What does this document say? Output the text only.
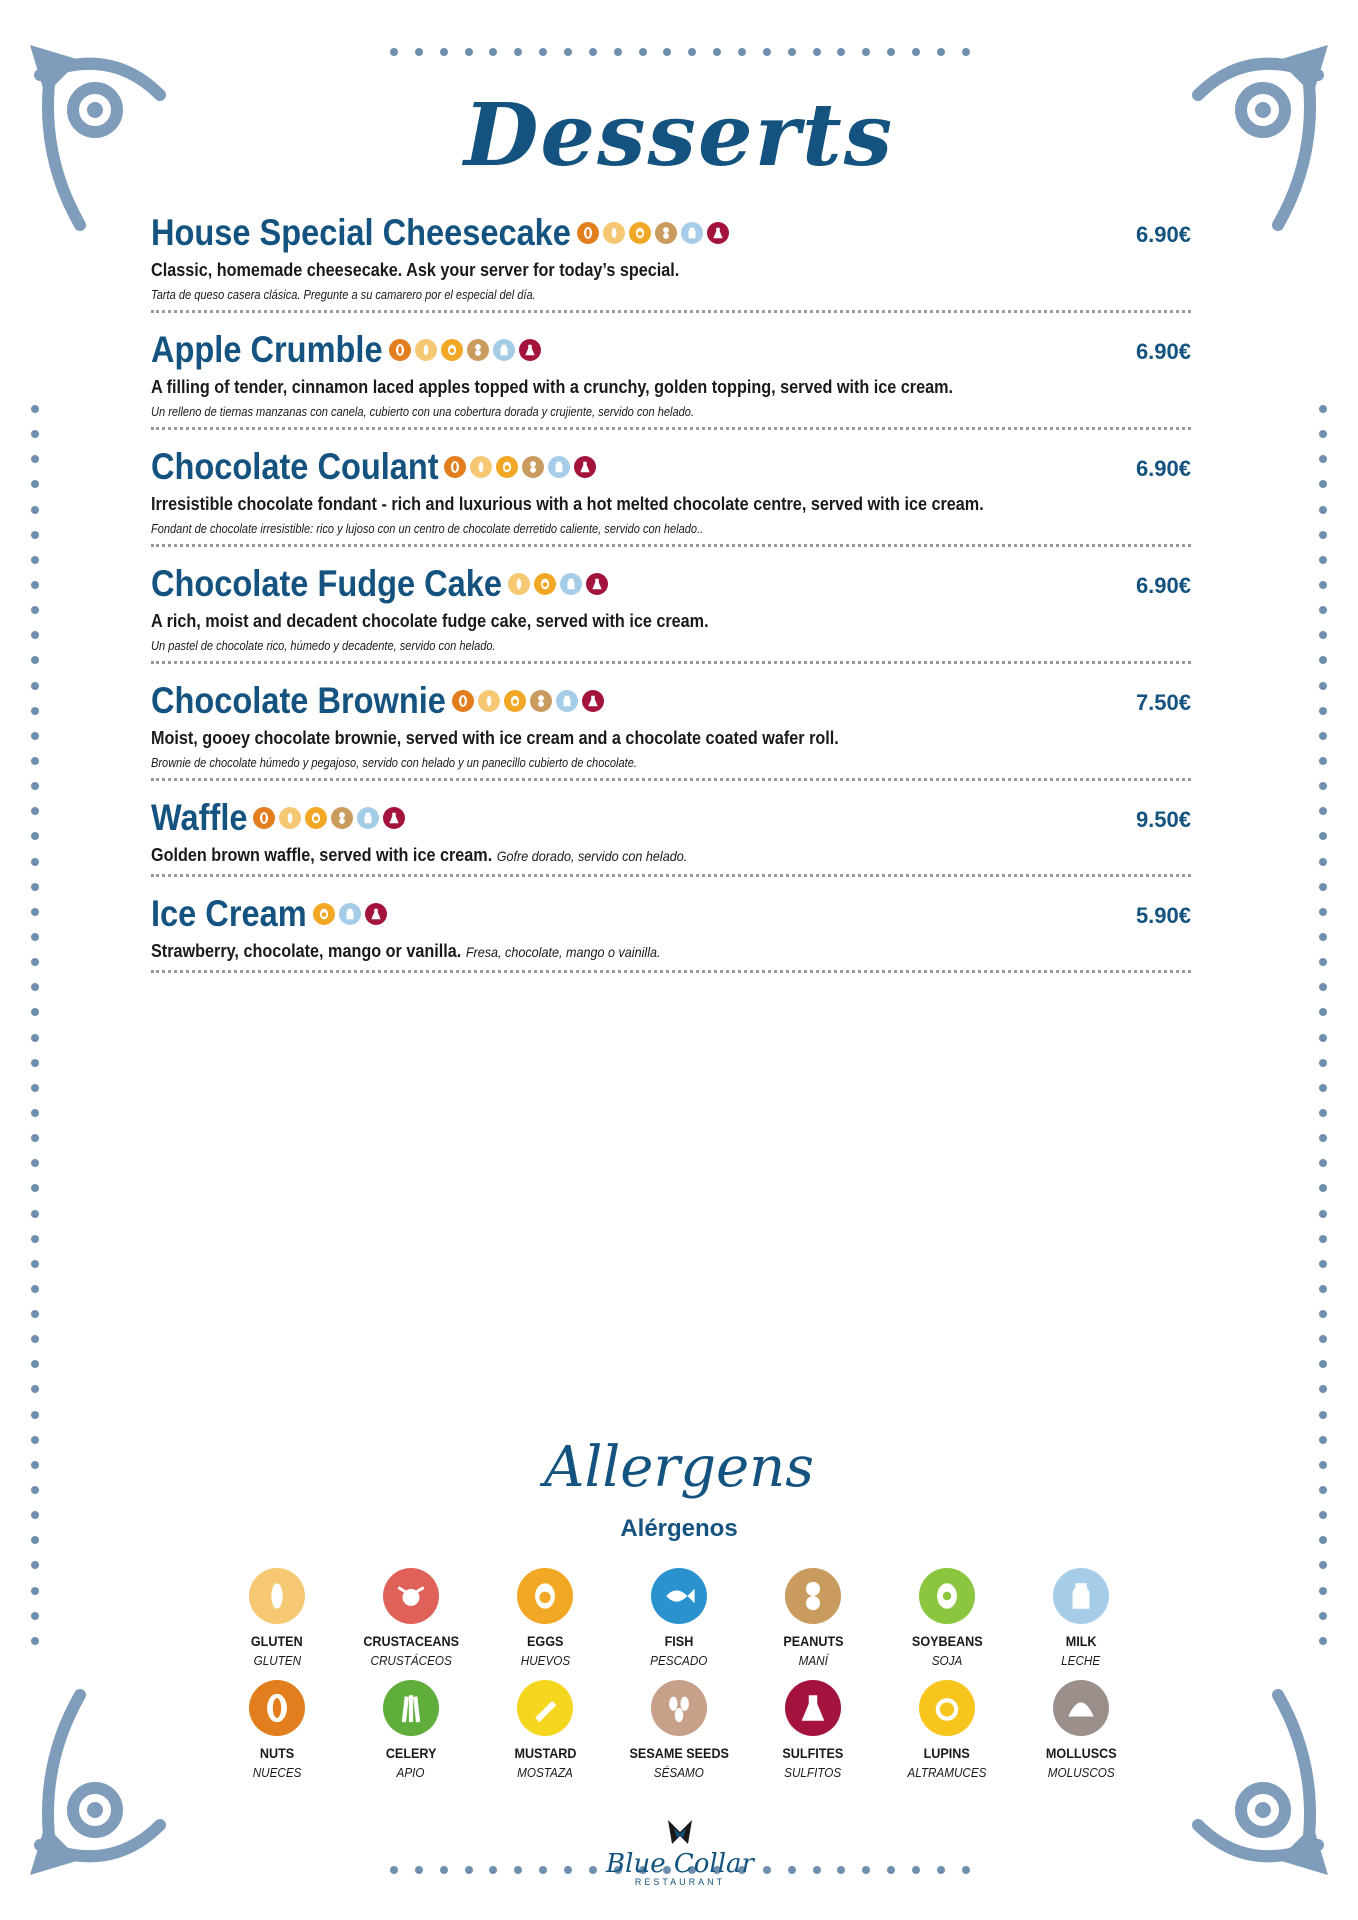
Desserts
House Special Cheesecake	6.90€
Classic, homemade cheesecake. Ask your server for today’s special.
Tarta de queso casera clásica. Pregunte a su camarero por el especial del día.
Apple Crumble	6.90€
A filling of tender, cinnamon laced apples topped with a crunchy, golden topping, served with ice cream.
Un relleno de tiernas manzanas con canela, cubierto con una cobertura dorada y crujiente, servido con helado.
Chocolate Coulant	6.90€
Irresistible chocolate fondant - rich and luxurious with a hot melted chocolate centre, served with ice cream.
Fondant de chocolate irresistible: rico y lujoso con un centro de chocolate derretido caliente, servido con helado..
Chocolate Fudge Cake	6.90€
A rich, moist and decadent chocolate fudge cake, served with ice cream.
Un pastel de chocolate rico, húmedo y decadente, servido con helado.
Chocolate Brownie	7.50€
Moist, gooey chocolate brownie, served with ice cream and a chocolate coated wafer roll.
Brownie de chocolate húmedo y pegajoso, servido con helado y un panecillo cubierto de chocolate.
Waffle	9.50€
Golden brown waffle, served with ice cream. Gofre dorado, servido con helado.
Ice Cream	5.90€
Strawberry, chocolate, mango or vanilla. Fresa, chocolate, mango o vainilla.
Allergens
Alérgenos
GLUTEN
GLUTEN
CRUSTACEANS
CRUSTÁCEOS
EGGS
HUEVOS
FISH
PESCADO
PEANUTS
MANÍ
SOYBEANS
SOJA
MILK
LECHE
NUTS
NUECES
CELERY
APIO
MUSTARD
MOSTAZA
SESAME SEEDS
SÉSAMO
SULFITES
SULFITOS
LUPINS
ALTRAMUCES
MOLLUSCS
MOLUSCOS
Blue Collar
RESTAURANT
